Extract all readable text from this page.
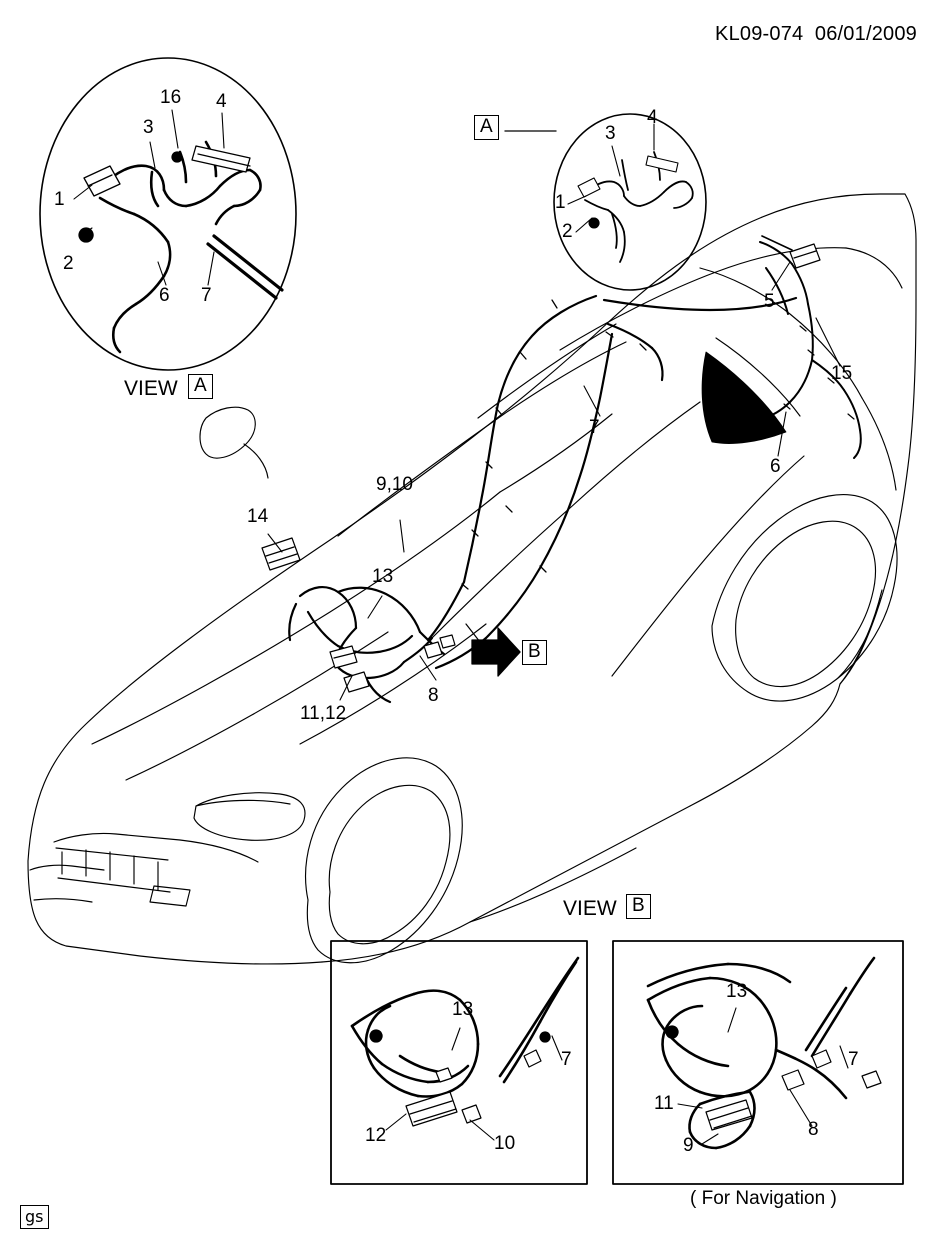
KL09-074 06/01/2009
VIEW A
A
VIEW B
B
1
2
3
4
16
6 7
1
2
3
4
5
6
7
8
9,10
11,12
13
14
15
13
7
12	10
13
7
11
9
8
( For Navigation )
gs
